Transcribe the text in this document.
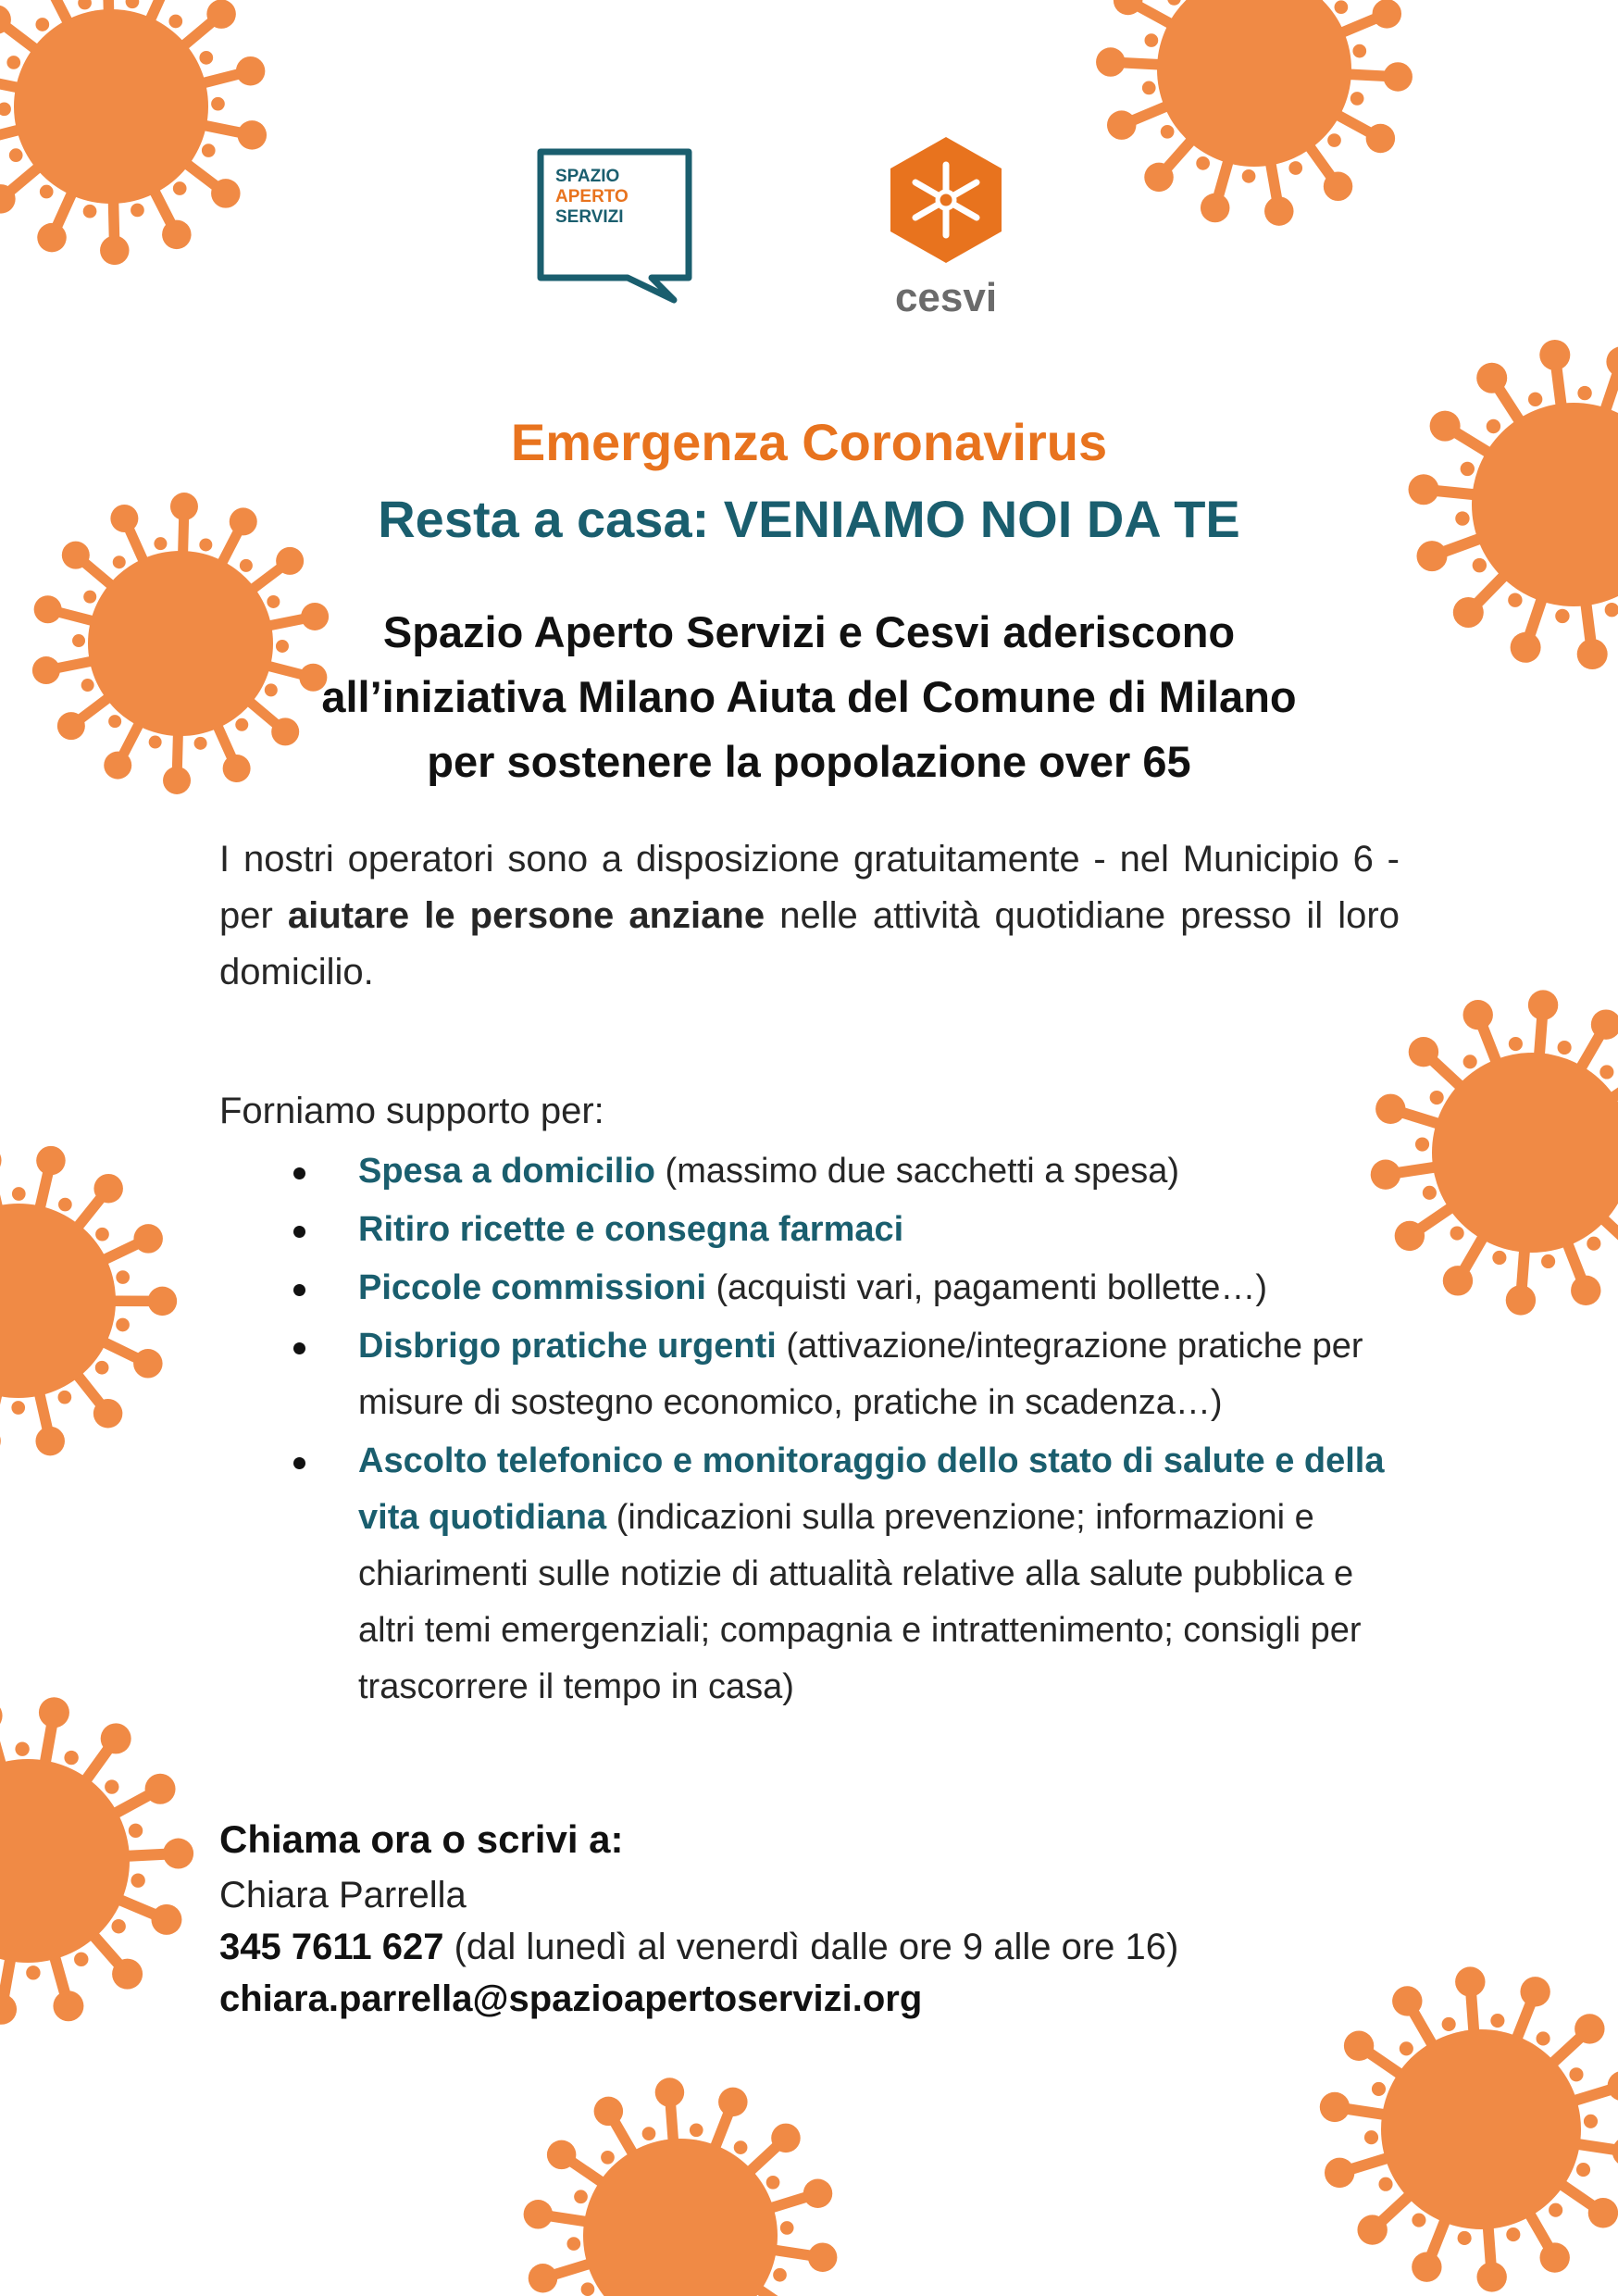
SPAZIO
APERTO
SERVIZI
cesvi
Emergenza Coronavirus
Resta a casa: VENIAMO NOI DA TE
Spazio Aperto Servizi e Cesvi aderiscono
all’iniziativa Milano Aiuta del Comune di Milano
per sostenere la popolazione over 65

I nostri operatori sono a disposizione gratuitamente - nel Municipio 6 - per aiutare le persone anziane nelle attività quotidiane presso il loro domicilio.

Forniamo supporto per:
Spesa a domicilio (massimo due sacchetti a spesa)
Ritiro ricette e consegna farmaci
Piccole commissioni (acquisti vari, pagamenti bollette…)
Disbrigo pratiche urgenti (attivazione/integrazione pratiche per misure di sostegno economico, pratiche in scadenza…)
Ascolto telefonico e monitoraggio dello stato di salute e della vita quotidiana (indicazioni sulla prevenzione; informazioni e chiarimenti sulle notizie di attualità relative alla salute pubblica e altri temi emergenziali; compagnia e intrattenimento; consigli per trascorrere il tempo in casa)
Chiama ora o scrivi a:
Chiara Parrella
345 7611 627 (dal lunedì al venerdì dalle ore 9 alle ore 16)
chiara.parrella@spazioapertoservizi.org
